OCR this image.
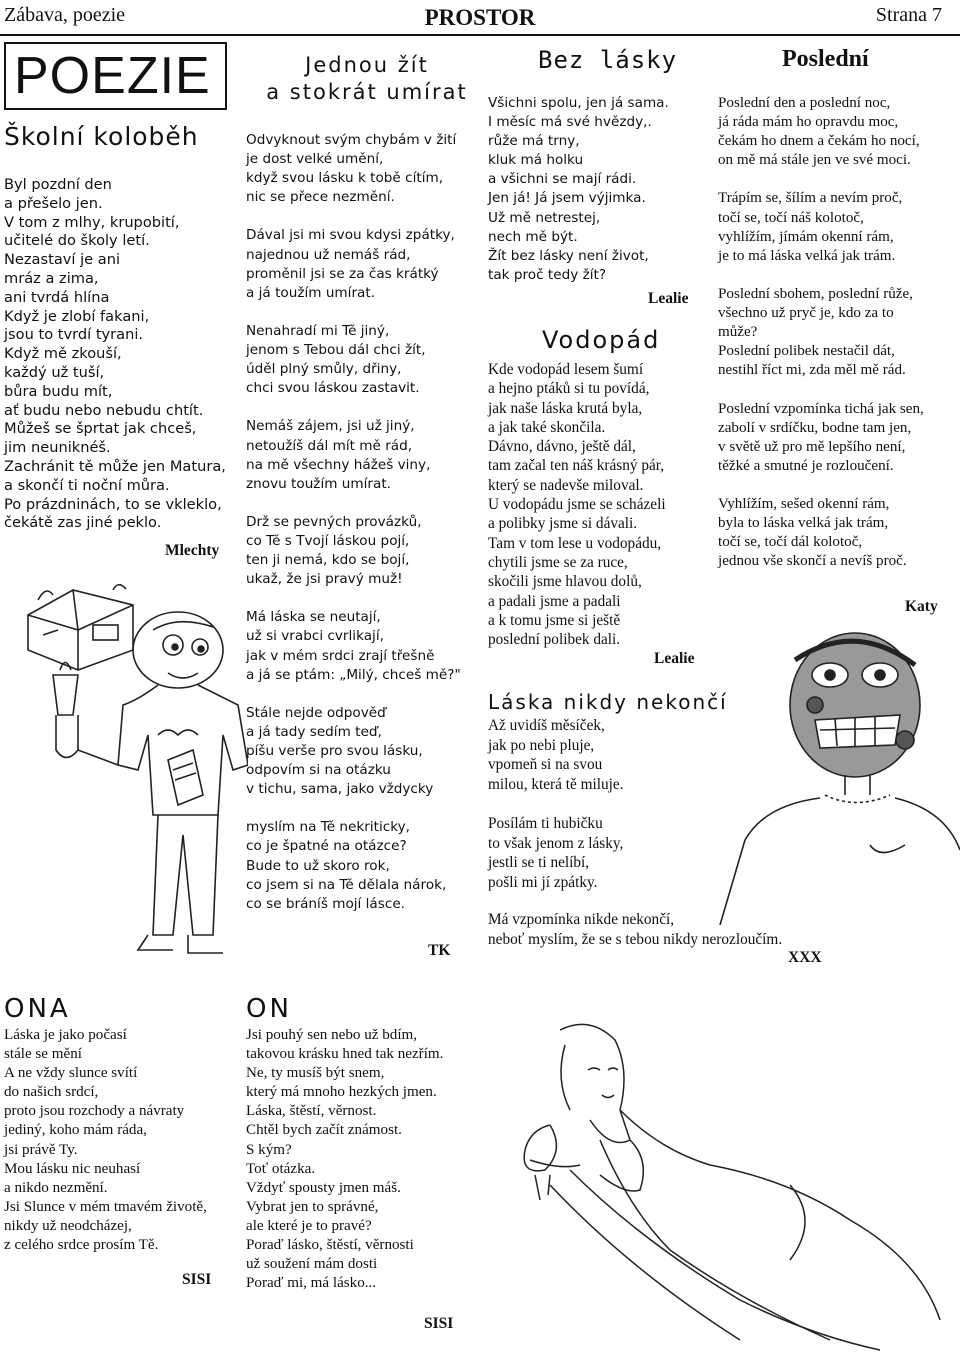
Zábava, poezie	PROSTOR	Strana 7
POEZIE
Školní koloběh
Byl pozdní den
a přešelo jen.
V tom z mlhy, krupobití,
učitelé do školy letí.
Nezastaví je ani
mráz a zima,
ani tvrdá hlína
Když je zlobí fakani,
jsou to tvrdí tyrani.
Když mě zkouší,
každý už tuší,
bůra budu mít,
ať budu nebo nebudu chtít.
Můžeš se šprtat jak chceš,
jim neuniknéš.
Zachránit tě může jen Matura,
a skončí ti noční můra.
Po prázdninách, to se vkleklo,
čekátě zas jiné peklo.
Mlechty
Jednou žít
a stokrát umírat
Odvyknout svým chybám v žití
je dost velké umění,
když svou lásku k tobě cítím,
nic se přece nezmění.

Dával jsi mi svou kdysi zpátky,
najednou už nemáš rád,
proměnil jsi se za čas krátký
a já toužím umírat.

Nenahradí mi Tě jiný,
jenom s Tebou dál chci žít,
úděl plný smůly, dřiny,
chci svou láskou zastavit.

Nemáš zájem, jsi už jiný,
netoužíš dál mít mě rád,
na mě všechny hážeš viny,
znovu toužím umírat.

Drž se pevných provázků,
co Tě s Tvojí láskou pojí,
ten ji nemá, kdo se bojí,
ukaž, že jsi pravý muž!

Má láska se neutají,
už si vrabci cvrlikají,
jak v mém srdci zrají třešně
a já se ptám: „Milý, chceš mě?"

Stále nejde odpověď
a já tady sedím teď,
píšu verše pro svou lásku,
odpovím si na otázku
v tichu, sama, jako vždycky

myslím na Tě nekriticky,
co je špatné na otázce?
Bude to už skoro rok,
co jsem si na Tě dělala nárok,
co se bráníš mojí lásce.
TK
Bez lásky
Všichni spolu, jen já sama.
I měsíc má své hvězdy,.
růže má trny,
kluk má holku
a všichni se mají rádi.
Jen já! Já jsem výjimka.
Už mě netrestej,
nech mě být.
Žít bez lásky není život,
tak proč tedy žít?
Lealie
Vodopád
Kde vodopád lesem šumí
a hejno ptáků si tu povídá,
jak naše láska krutá byla,
a jak také skončila.
Dávno, dávno, ještě dál,
tam začal ten náš krásný pár,
který se nadevše miloval.
U vodopádu jsme se scházeli
a polibky jsme si dávali.
Tam v tom lese u vodopádu,
chytili jsme se za ruce,
skočili jsme hlavou dolů,
a padali jsme a padali
a k tomu jsme si ještě
poslední polibek dali.
Lealie
Poslední
Poslední den a poslední noc,
já ráda mám ho opravdu moc,
čekám ho dnem a čekám ho nocí,
on mě má stále jen ve své moci.

Trápím se, šílím a nevím proč,
točí se, točí náš kolotoč,
vyhlížím, jímám okenní rám,
je to má láska velká jak trám.

Poslední sbohem, poslední růže,
všechno už pryč je, kdo za to
může?
Poslední polibek nestačil dát,
nestihl říct mi, zda měl mě rád.

Poslední vzpomínka tichá jak sen,
zabolí v srdíčku, bodne tam jen,
v světě už pro mě lepšího není,
těžké a smutné je rozloučení.

Vyhlížím, sešed okenní rám,
byla to láska velká jak trám,
točí se, točí dál kolotoč,
jednou vše skončí a nevíš proč.
Katy
Láska nikdy nekončí
Až uvidíš měsíček,
jak po nebi pluje,
vpomeň si na svou
milou, která tě miluje.
Posílám ti hubičku
to však jenom z lásky,
jestli se ti nelíbí,
pošli mi jí zpátky.
Má vzpomínka nikde nekončí,
neboť myslím, že se s tebou nikdy nerozloučím.
XXX
ONA
Láska je jako počasí
stále se mění
A ne vždy slunce svítí
do našich srdcí,
proto jsou rozchody a návraty
jediný, koho mám ráda,
jsi právě Ty.
Mou lásku nic neuhasí
a nikdo nezmění.
Jsi Slunce v mém tmavém životě,
nikdy už neodcházej,
z celého srdce prosím Tě.
SISI
ON
Jsi pouhý sen nebo už bdím,
takovou krásku hned tak nezřím.
Ne, ty musíš být snem,
který má mnoho hezkých jmen.
Láska, štěstí, věrnost.
Chtěl bych začít známost.
S kým?
To⁠ť otázka.
Vždyť spousty jmen máš.
Vybrat jen to správné,
ale které je to pravé?
Poraď lásko, štěstí, věrnosti
už soužení mám dosti
Poraď mi, má lásko...
SISI
